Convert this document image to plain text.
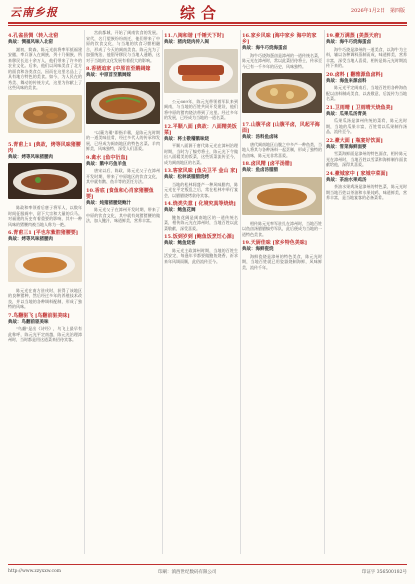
云南乡报	综合	2026年1月2日　第四版
4.孔雀县惆（转入北窑
典故：惆福风味入北窑
謝初，简森，陈元光前将率军抵福建安徽，率兵浙入在闽族，列十乃侗族，所来移民长达十余万人，他们带来了许多的农业文化。后来，他们以风味美食了北方的面食和各类食点，因而在这里名品上了具有地方特色的美食。如今，为人民在的秀美、舞动的传统方式，这里为你献上了这些风味的美食。
5.青甫上1 [典故，烤等风味猪腰肉
典故：烤等风味猪腰肉
陈政和率领着后唐子将军人，以数年时间征服闽中，留下大宗和大量的兵马。对福建的历史有着重要的影响，其中一种风味的猪腰肉被当地人称为一绝。
6.青甫三1 [平也东紫腔猪腰要]
典故：烤等风味猪腰肉
陈元光在南方驻戍时，获得了该地区的良种猪种，然后经过多年的养殖技术改良，并以当地的各种调料配制，形成了独特的风味。
7.鸟翻驱飞 [鸟翻前驱美味]
典故：鸟翻前驱美味
"鸟翻"是出《诗经》，鸟飞上最早有此称呼，陈元光平定南越，陈元光治理漳州时，当时都是用这道菜来招待宾客。
宫前都城，开始了闽南饮食的发展。宋代，名门望族纷纷南迁，他们带来了中原的饮食文化，与当地的饮食习惯相融合，形成了今天的闽南美食。陈元光为了加强统治，他倡导移民与当地人通婚，这对于当地的文化发展有着很大的影响。
8.香猪追家 [中原首至鹅阔嫁
典故：中原首至鹅阔嫁
"以蕨为羹"即指羊羹，是陈元光时期的一道美味佳肴，经过多代人的传承和发展，已经成为闽南地区的特色名菜。羊肉鲜美，风味独特，深受人们喜爱。
9.禽水 [鱼中衍血]
典故：鹅中巧鱼羊鱼
唐宋以后，陈政，陈元光父子在漳州开发时期，带来了中原地区的饮食文化，其中就有鹅、鱼羊等的烹饪方法。
10.香底 [食鱼和心肖家猪腰鱼要]
典故：炖猪猪腰烧鲍汁
陈元光父子在漳州开发时期，带来了中原的饮食文化，其中就有炖猪猪腰的做法，加入鲍汁，味道鲜美，营养丰富。
11.八闽和谐 [千锤天下时]
典故：猪肉烧肉传入闽
公元669年，陈元光带领着军队来到闽南，与当地的百姓共同开发建设，他们将中原的猪肉烧法带到了这里。经过多年的发展，已经成为当地的一道名菜。
12.平顺八面 [典故：八面精美饭菜]
典故：将士敬稽鹅味烧
平顺八面源于唐代陈元光在漳州治理时期，当时为了犒劳将士，陈元光下令做出八面精美的饭菜，这些饭菜流传至今，成为闽南地区的名菜。
13.客家风味 [鱼尖卫平 金山 家]
典故：松林谈腊腊烧烤
当地的松林间盛产一种风味腊肉，陈元光在平定叛乱之后，常在松林中举行宴会，以腊腊烧烤款待宾客。
14.烧类失意 [ 化境究真等烧烧]
典故：鲍鱼花阔
鲍鱼花阔是闽南地区的一道传统名菜，相传陈元光在漳州时，当地百姓以此菜敬献，深受喜爱。
15.饭到岁到 [鲍鱼饭烹饪心源]
典故：鲍鱼烧香
陈元光主政漳州时期，当地的百姓生活安定，每逢年节都要做鲍鱼烧香，祈求来年风调雨顺，此俗流传至今。
16.家乡风味 [海中家乡 海中的家乡]
典故：海牛巧烧海蛋卤
海牛巧烧海蛋卤是漳州的一道传统名菜，陈元光在漳州时，常以此菜招待将士，传承至今已有一千多年的历史，风味独特。
17.山腹平卤 [山腹平卤，风起平海面]
典故：汤料鱼卤味
唐代闽南地区山腹之中多产一种鱼类，当地人将其与各种汤料一起烹制，形成了独特的鱼卤味，陈元光非常喜爱。
18.卤风精 [卤平汤腊]
典故：鱼卤汤腊腊
相传陈元光率军驻扎在漳州时，当地百姓以鱼卤汤腊腊犒劳军队，此后便成为当地的一道特色美食。
19.天厨佳味 [家乡特色美味]
典故：海鲜瓷烧
海鲜瓷烧是漳州的特色美食，陈元光时期，当地百姓就已用瓷器烧制海鲜，风味鲜美，流传千年。
19.豪万满蒸 [美蒸天府]
典故：海牛巧烧海蛋卤
海牛巧烧是漳州的一道美食，以海牛为主料，辅以各种调料蒸制而成，味道鲜美，营养丰富，深受当地人喜爱，相传是陈元光时期流传下来的。
20.卤料 [ 翻雅源鱼卤料]
典故：海鱼来源卤料
陈元光平定闽南后，当地百姓用各种海鱼配以卤料制成美食，以表敬意，后流传为当地名菜。
21.卫雨晴 [ 卫雨晴天烧鱼美]
典故：瓜果瓜汤青美
瓜果瓜汤是漳州传统的菜肴，陈元光时期，当地的瓜果丰富，百姓常以瓜果制作汤品，流传至今。
22.豪大面 [ 瓶宴好饮面]
典故：雪菜海鲜面要
雪菜海鲜面是漳州的特色面食，相传陈元光在漳州时，当地百姓以雪菜和海鲜制作面食献给他，深得其喜爱。
24.豪城家中 [ 家城中菜面]
典故：茶油水果鸡汤
茶油水果鸡汤是漳州的特色菜，陈元光时期当地百姓以茶油和水果炖鸡，味道鲜美，营养丰富，是当地宴客的必备菜肴。
http://www.zzyxxw.com	印刷：滇西世纪数码有限公司	印证字 356500182号
